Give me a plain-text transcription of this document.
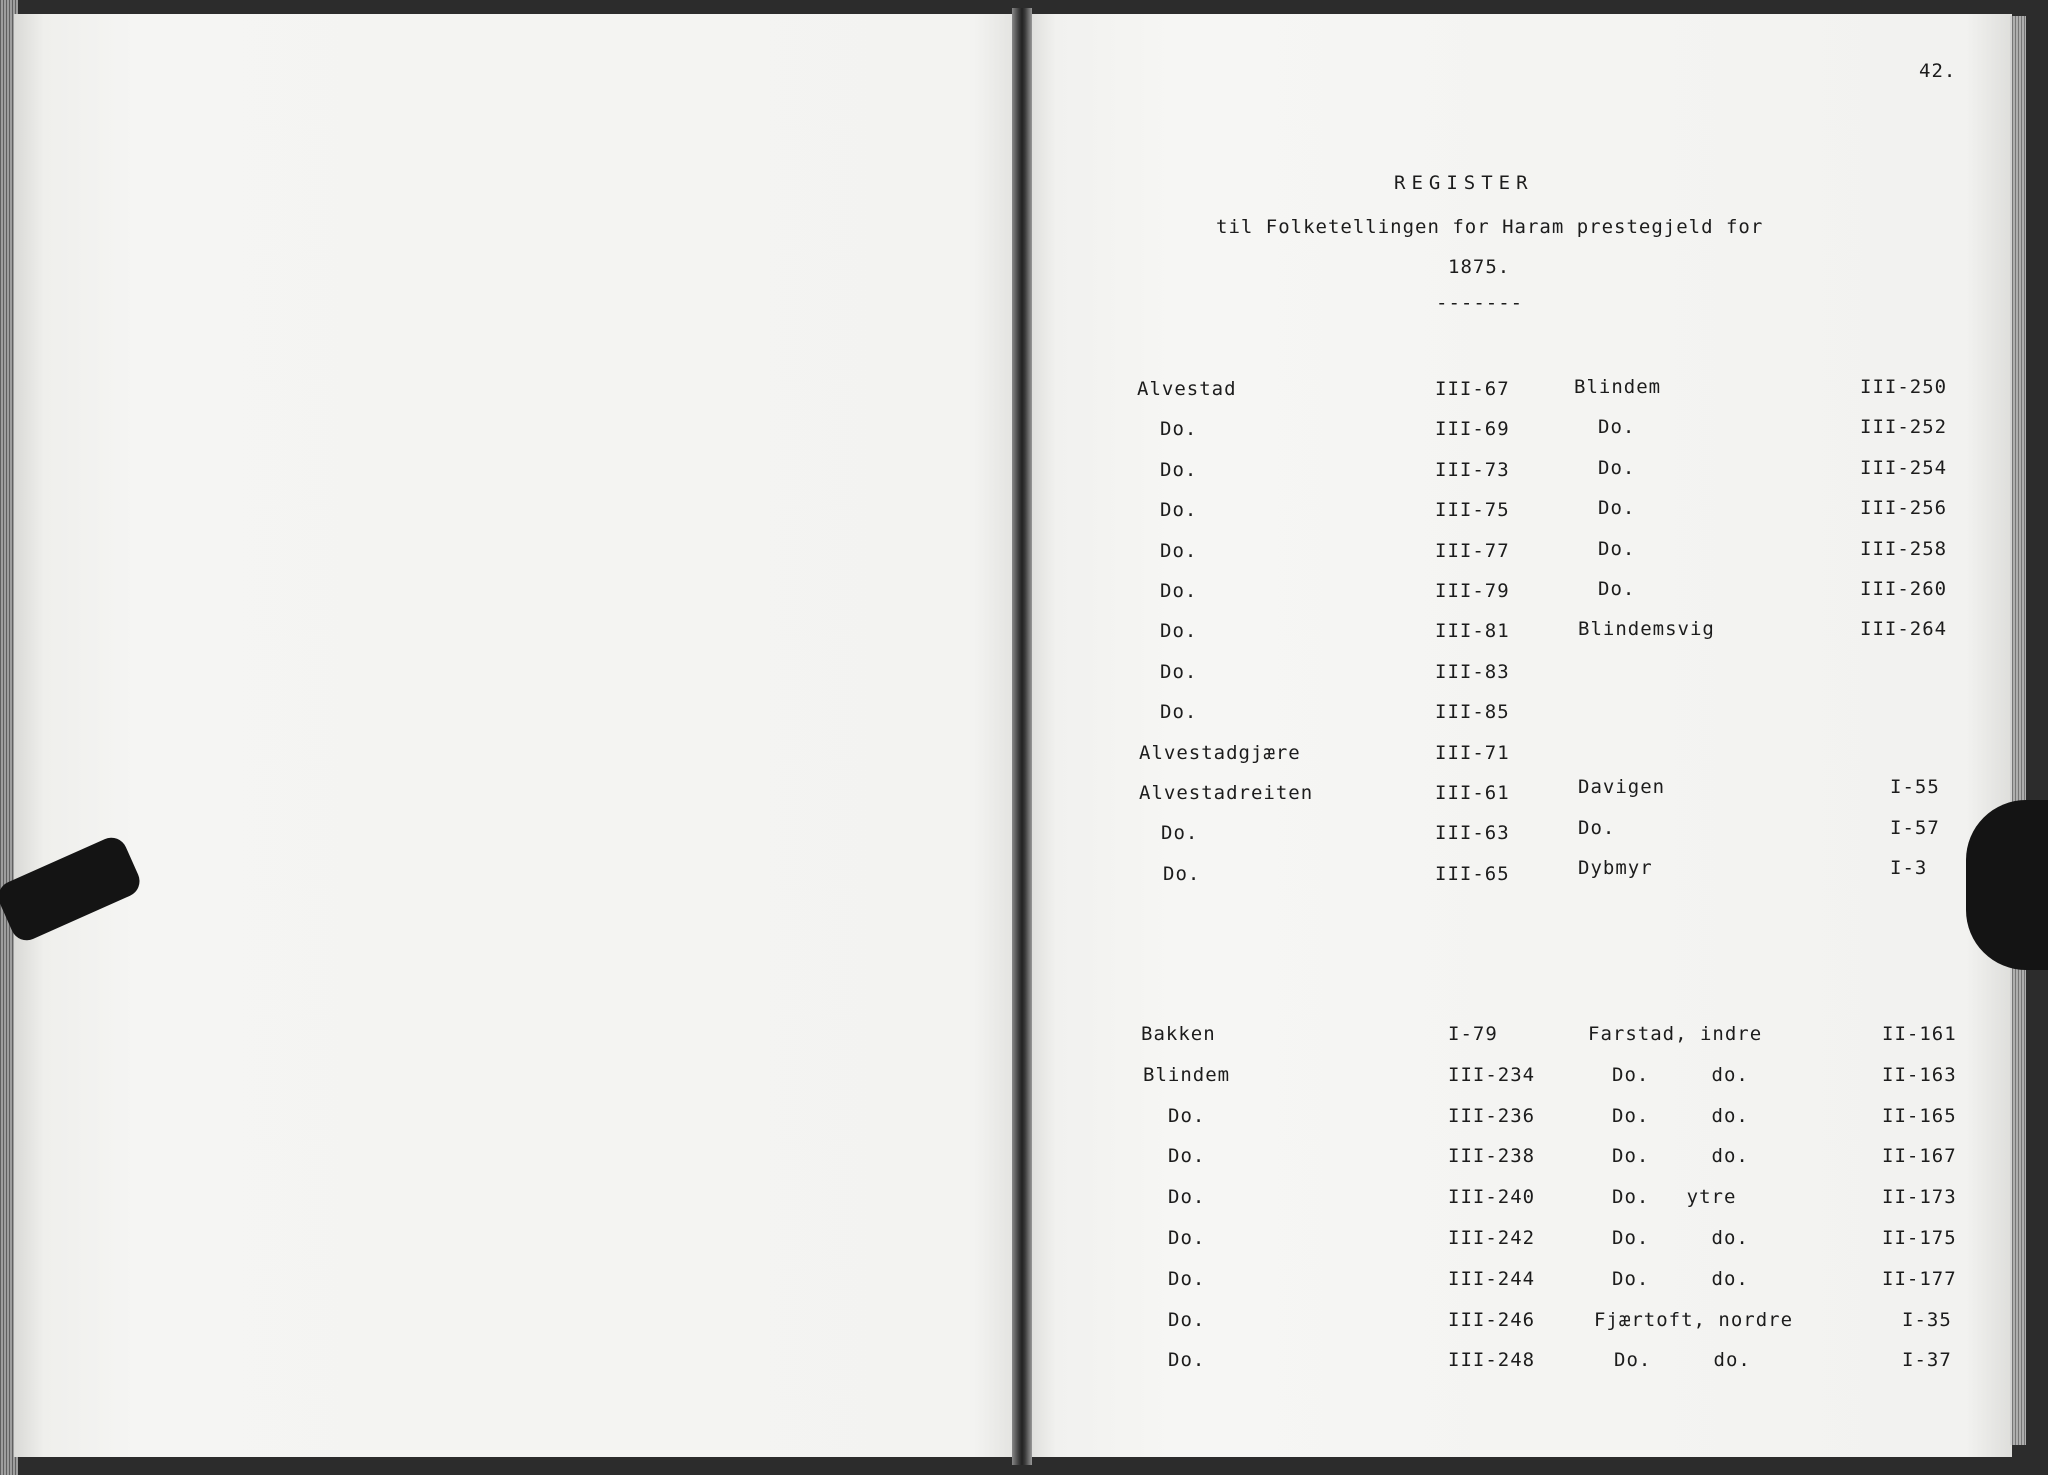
42.
REGISTER
til Folketellingen for Haram prestegjeld for
1875.
-------
Alvestad	III-67
Do.	III-69
Do.	III-73
Do.	III-75
Do.	III-77
Do.	III-79
Do.	III-81
Do.	III-83
Do.	III-85
Alvestadgjære	III-71
Alvestadreiten	III-61
Do.	III-63
Do.	III-65
Blindem	III-250
Do.	III-252
Do.	III-254
Do.	III-256
Do.	III-258
Do.	III-260
Blindemsvig	III-264
Davigen	I-55
Do.	I-57
Dybmyr	I-3
Bakken	I-79
Blindem	III-234
Do.	III-236
Do.	III-238
Do.	III-240
Do.	III-242
Do.	III-244
Do.	III-246
Do.	III-248
Farstad, indre	II-161
Do.     do.	II-163
Do.     do.	II-165
Do.     do.	II-167
Do.   ytre	II-173
Do.     do.	II-175
Do.     do.	II-177
Fjærtoft, nordre	I-35
Do.     do.	I-37
